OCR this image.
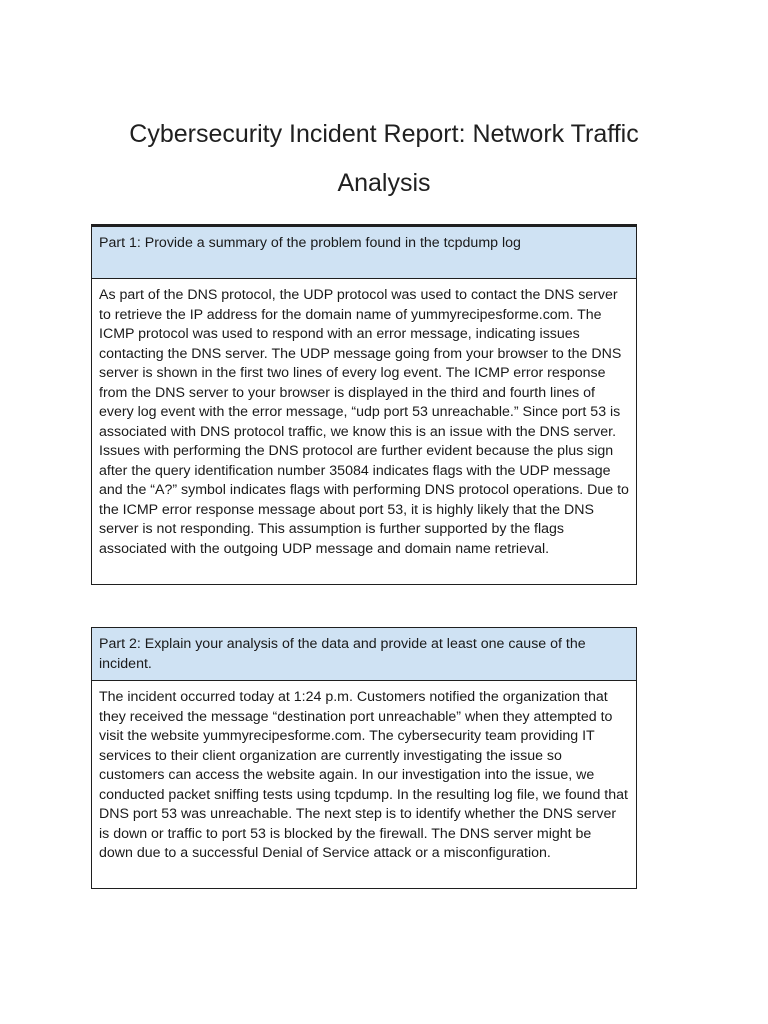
Cybersecurity Incident Report: Network Traffic Analysis
Part 1: Provide a summary of the problem found in the tcpdump log
As part of the DNS protocol, the UDP protocol was used to contact the DNS server to retrieve the IP address for the domain name of yummyrecipesforme.com. The ICMP protocol was used to respond with an error message, indicating issues contacting the DNS server. The UDP message going from your browser to the DNS server is shown in the first two lines of every log event. The ICMP error response from the DNS server to your browser is displayed in the third and fourth lines of every log event with the error message, “udp port 53 unreachable.” Since port 53 is associated with DNS protocol traffic, we know this is an issue with the DNS server. Issues with performing the DNS protocol are further evident because the plus sign after the query identification number 35084 indicates flags with the UDP message and the “A?” symbol indicates flags with performing DNS protocol operations. Due to the ICMP error response message about port 53, it is highly likely that the DNS server is not responding. This assumption is further supported by the flags associated with the outgoing UDP message and domain name retrieval.
Part 2: Explain your analysis of the data and provide at least one cause of the incident.
The incident occurred today at 1:24 p.m. Customers notified the organization that they received the message “destination port unreachable” when they attempted to visit the website yummyrecipesforme.com. The cybersecurity team providing IT services to their client organization are currently investigating the issue so customers can access the website again. In our investigation into the issue, we conducted packet sniffing tests using tcpdump. In the resulting log file, we found that DNS port 53 was unreachable. The next step is to identify whether the DNS server is down or traffic to port 53 is blocked by the firewall. The DNS server might be down due to a successful Denial of Service attack or a misconfiguration.
